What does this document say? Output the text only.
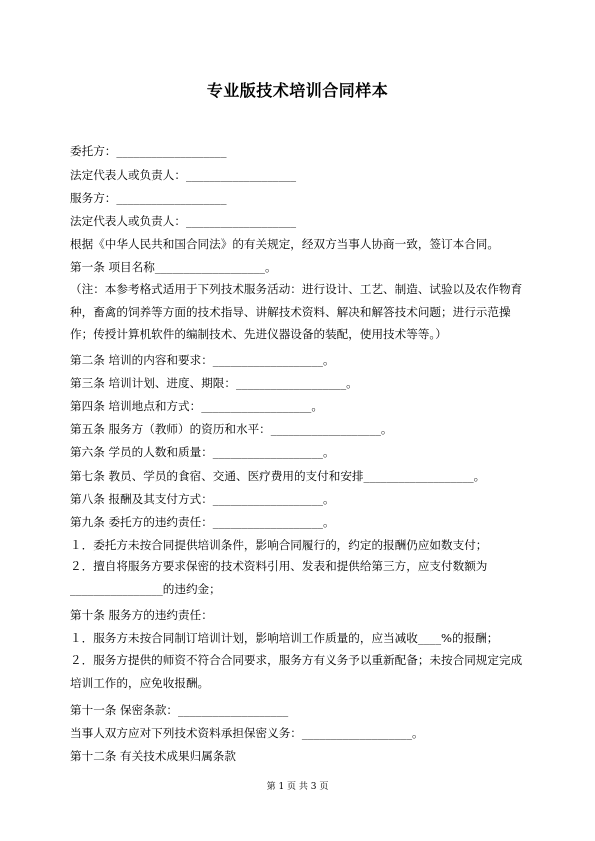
专业版技术培训合同样本
委托方：___________________
法定代表人或负责人：___________________
服务方：___________________
法定代表人或负责人：___________________
根据《中华人民共和国合同法》的有关规定，经双方当事人协商一致，签订本合同。
第一条 项目名称___________________。
（注：本参考格式适用于下列技术服务活动：进行设计、工艺、制造、试验以及农作物育种，畜禽的饲养等方面的技术指导、讲解技术资料、解决和解答技术问题；进行示范操作；传授计算机软件的编制技术、先进仪器设备的装配，使用技术等等。）
第二条 培训的内容和要求：___________________。
第三条 培训计划、进度、期限：___________________。
第四条 培训地点和方式：___________________。
第五条 服务方（教师）的资历和水平：___________________。
第六条 学员的人数和质量：___________________。
第七条 教员、学员的食宿、交通、医疗费用的支付和安排___________________。
第八条 报酬及其支付方式：___________________。
第九条 委托方的违约责任：___________________。
１．委托方未按合同提供培训条件，影响合同履行的，约定的报酬仍应如数支付；
２．擅自将服务方要求保密的技术资料引用、发表和提供给第三方，应支付数额为________________的违约金；
第十条 服务方的违约责任：
１．服务方未按合同制订培训计划，影响培训工作质量的，应当减收____%的报酬；
２．服务方提供的师资不符合合同要求，服务方有义务予以重新配备；未按合同规定完成培训工作的，应免收报酬。
第十一条 保密条款：___________________
当事人双方应对下列技术资料承担保密义务：___________________。
第十二条 有关技术成果归属条款
第 1 页 共 3 页
